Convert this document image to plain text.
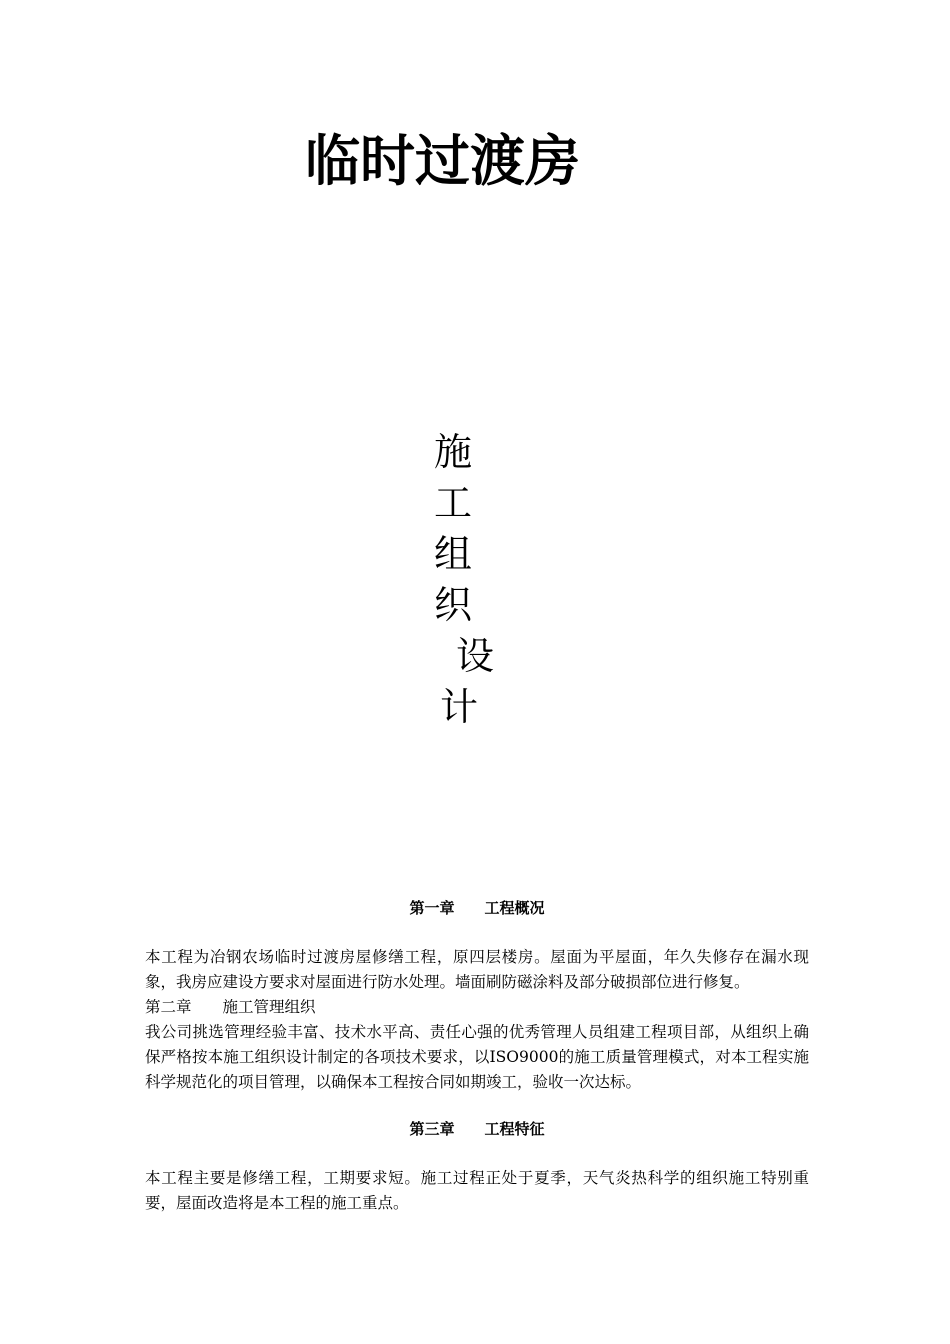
临时过渡房
施
工
组
织
设
计

第一章　　工程概况

本工程为冶钢农场临时过渡房屋修缮工程，原四层楼房。屋面为平屋面，年久失修存在漏水现象，我房应建设方要求对屋面进行防水处理。墙面刷防磁涂料及部分破损部位进行修复。

第二章　　施工管理组织

我公司挑选管理经验丰富、技术水平高、责任心强的优秀管理人员组建工程项目部，从组织上确保严格按本施工组织设计制定的各项技术要求，以ISO9000的施工质量管理模式，对本工程实施科学规范化的项目管理，以确保本工程按合同如期竣工，验收一次达标。

第三章　　工程特征

本工程主要是修缮工程，工期要求短。施工过程正处于夏季，天气炎热科学的组织施工特别重要，屋面改造将是本工程的施工重点。
